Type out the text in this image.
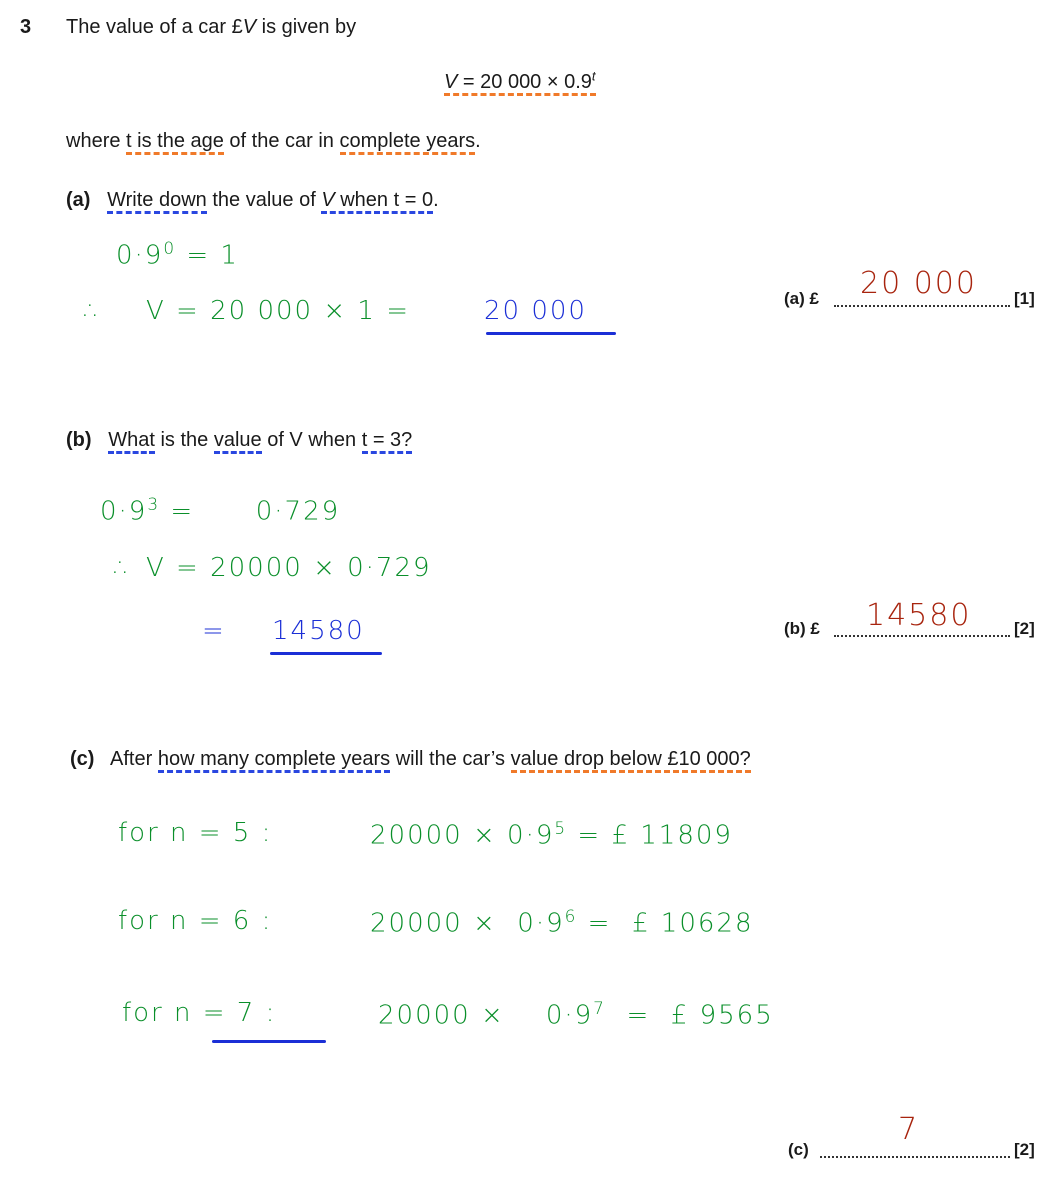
3 The value of a car £V is given by
V = 20 $000 \times 0.9^t$
where t is the age of the car in complete years.
(a) Write down the value of V when t = 0.
$0\cdot 9^0 = 1$
∴ V = 20 000 × 1 =	20 000	(a) £ 20 000 [1]
(b) What is the value of V when t = 3?
$0\cdot 9^3$ =      0·729
∴ V = 20000 × 0·729
= 14580	(b) £ 14580	[2]
(c) After how many complete years will the car’s value drop below £10 000?
for n = 5 :	$20000 \times 0\cdot 9^5$ = £ 11809
for n = 6 :	$20000 \times 0\cdot 9^6$ =  £ 10628
for n = 7 :	20000 ×    $0\cdot 9^7$  =  £ 9565
(c)
7
[2]
